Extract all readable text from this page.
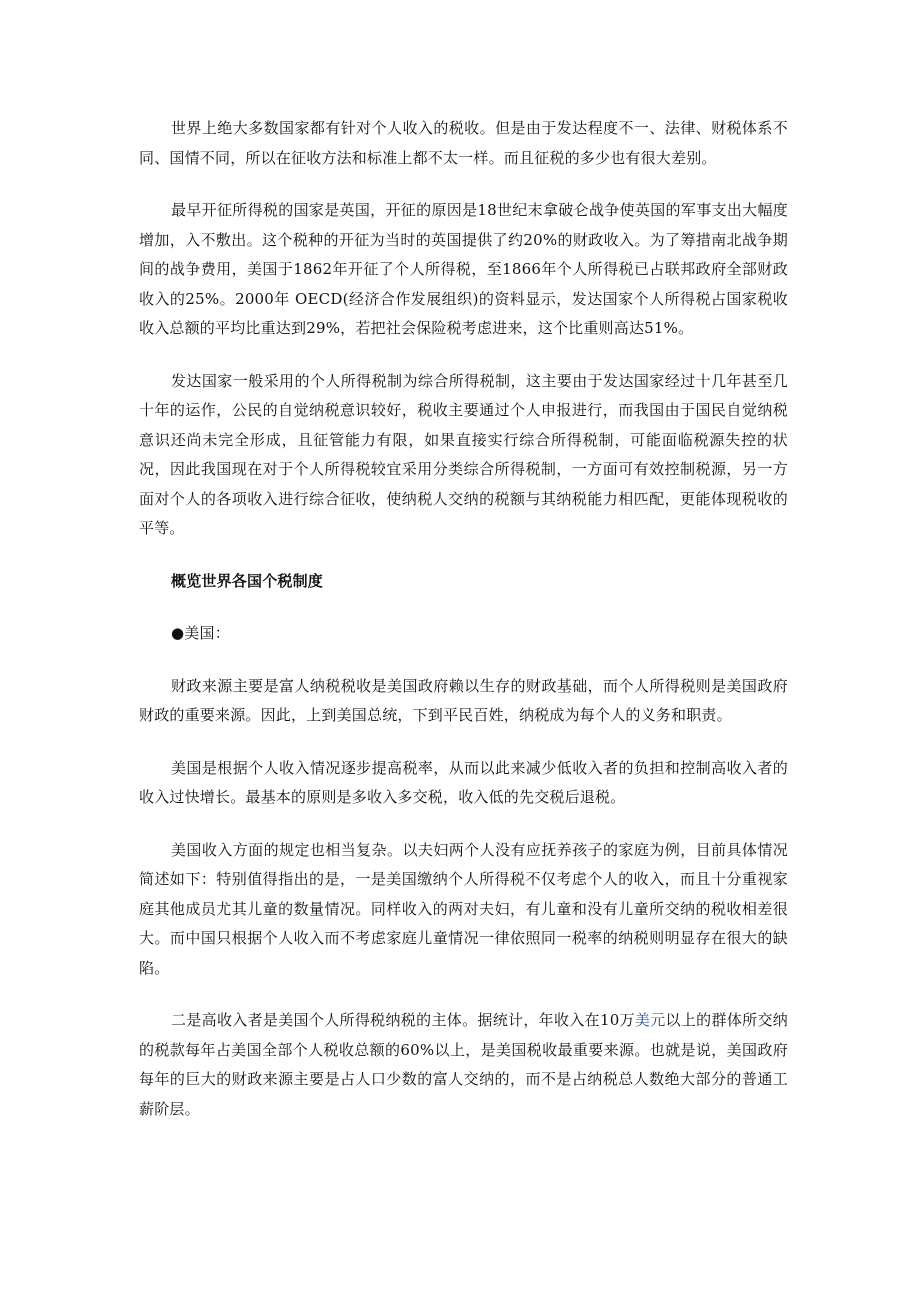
世界上绝大多数国家都有针对个人收入的税收。但是由于发达程度不一、法律、财税体系不同、国情不同，所以在征收方法和标准上都不太一样。而且征税的多少也有很大差别。

最早开征所得税的国家是英国，开征的原因是18世纪末拿破仑战争使英国的军事支出大幅度增加，入不敷出。这个税种的开征为当时的英国提供了约20%的财政收入。为了筹措南北战争期间的战争费用，美国于1862年开征了个人所得税，至1866年个人所得税已占联邦政府全部财政收入的25%。2000年 OECD(经济合作发展组织)的资料显示，发达国家个人所得税占国家税收收入总额的平均比重达到29%，若把社会保险税考虑进来，这个比重则高达51%。

发达国家一般采用的个人所得税制为综合所得税制，这主要由于发达国家经过十几年甚至几十年的运作，公民的自觉纳税意识较好，税收主要通过个人申报进行，而我国由于国民自觉纳税意识还尚未完全形成，且征管能力有限，如果直接实行综合所得税制，可能面临税源失控的状况，因此我国现在对于个人所得税较宜采用分类综合所得税制，一方面可有效控制税源，另一方面对个人的各项收入进行综合征收，使纳税人交纳的税额与其纳税能力相匹配，更能体现税收的平等。

概览世界各国个税制度

●美国：

财政来源主要是富人纳税税收是美国政府赖以生存的财政基础，而个人所得税则是美国政府财政的重要来源。因此，上到美国总统，下到平民百姓，纳税成为每个人的义务和职责。

美国是根据个人收入情况逐步提高税率，从而以此来减少低收入者的负担和控制高收入者的收入过快增长。最基本的原则是多收入多交税，收入低的先交税后退税。

美国收入方面的规定也相当复杂。以夫妇两个人没有应抚养孩子的家庭为例，目前具体情况简述如下：特别值得指出的是，一是美国缴纳个人所得税不仅考虑个人的收入，而且十分重视家庭其他成员尤其儿童的数量情况。同样收入的两对夫妇，有儿童和没有儿童所交纳的税收相差很大。而中国只根据个人收入而不考虑家庭儿童情况一律依照同一税率的纳税则明显存在很大的缺陷。

二是高收入者是美国个人所得税纳税的主体。据统计，年收入在10万美元以上的群体所交纳的税款每年占美国全部个人税收总额的60%以上，是美国税收最重要来源。也就是说，美国政府每年的巨大的财政来源主要是占人口少数的富人交纳的，而不是占纳税总人数绝大部分的普通工薪阶层。
